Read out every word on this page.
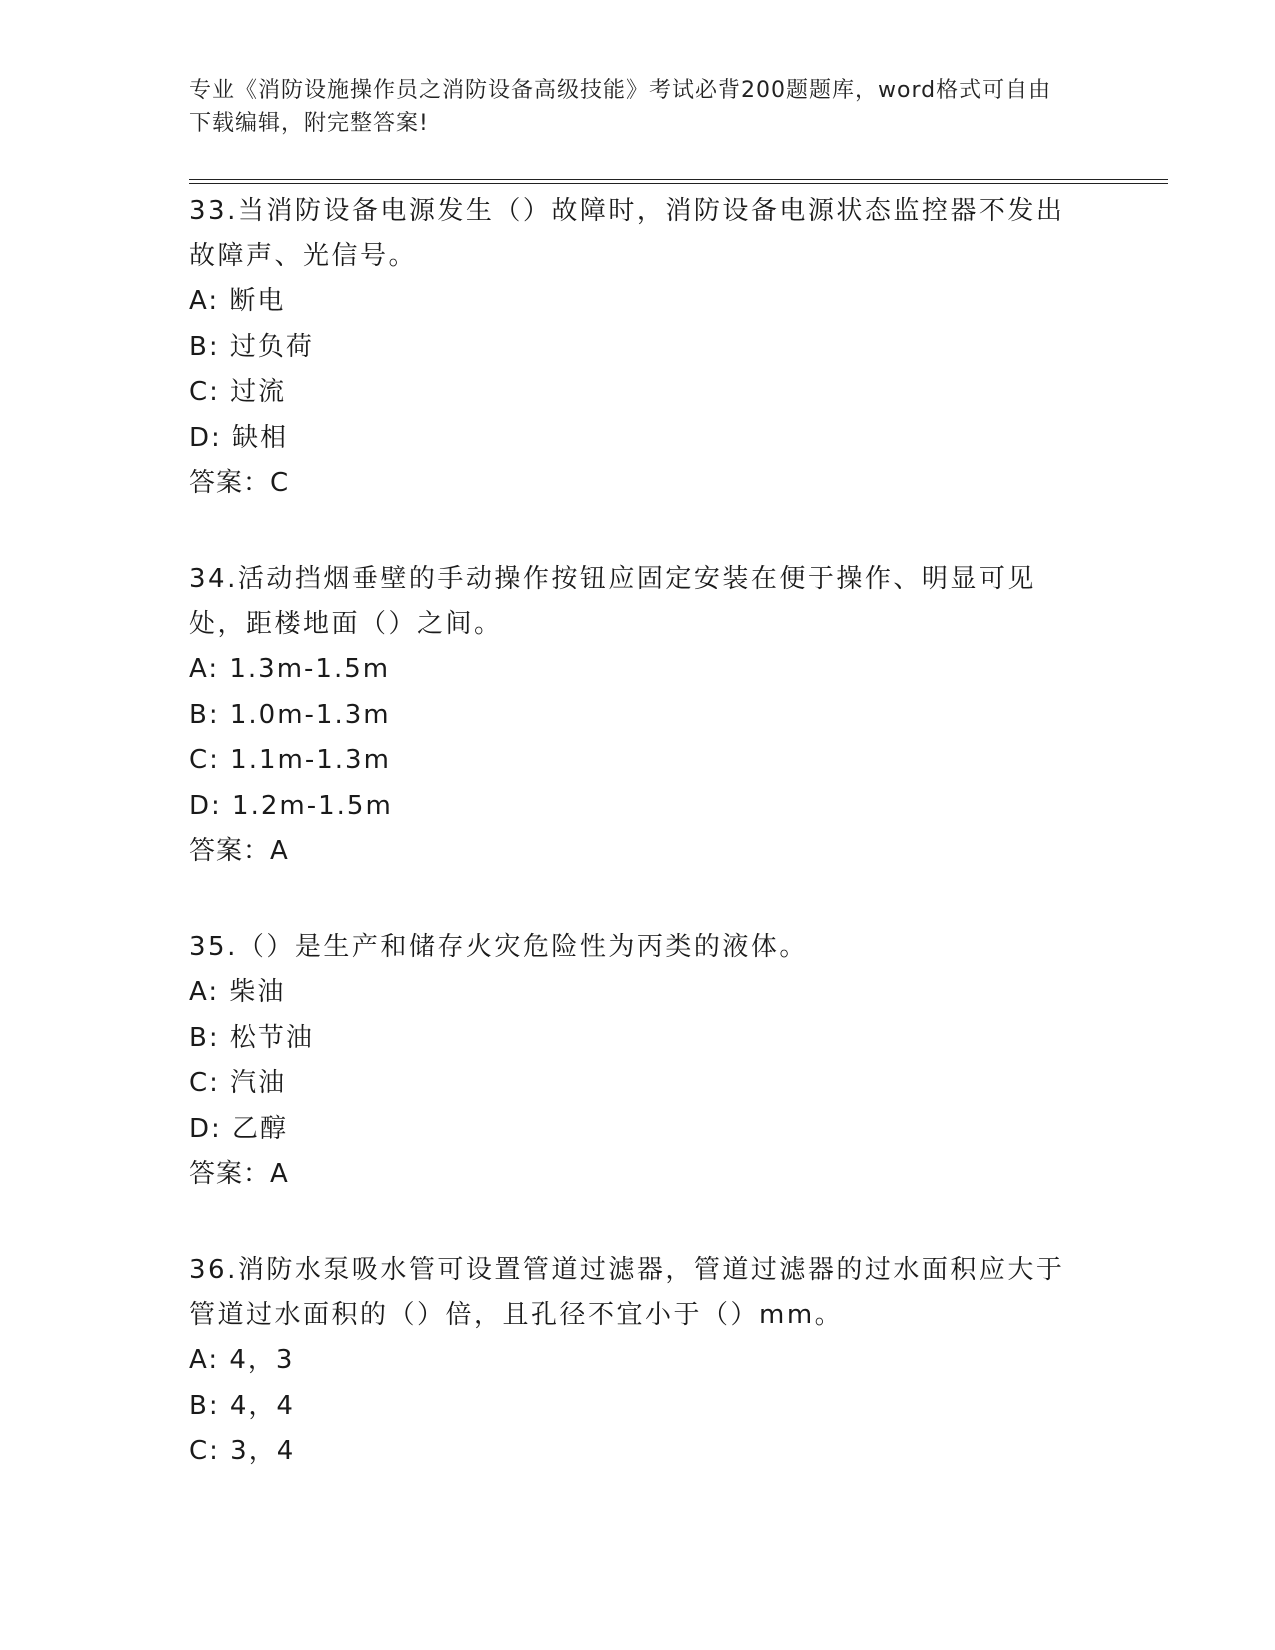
专业《消防设施操作员之消防设备高级技能》考试必背200题题库，word格式可自由下载编辑，附完整答案!

33.当消防设备电源发生（）故障时，消防设备电源状态监控器不发出故障声、光信号。

A: 断电

B: 过负荷

C: 过流

D: 缺相

答案：C

34.活动挡烟垂壁的手动操作按钮应固定安装在便于操作、明显可见处，距楼地面（）之间。

A: 1.3m-1.5m

B: 1.0m-1.3m

C: 1.1m-1.3m

D: 1.2m-1.5m

答案：A

35.（）是生产和储存火灾危险性为丙类的液体。

A: 柴油

B: 松节油

C: 汽油

D: 乙醇

答案：A

36.消防水泵吸水管可设置管道过滤器，管道过滤器的过水面积应大于管道过水面积的（）倍，且孔径不宜小于（）mm。

A: 4，3

B: 4，4

C: 3，4
